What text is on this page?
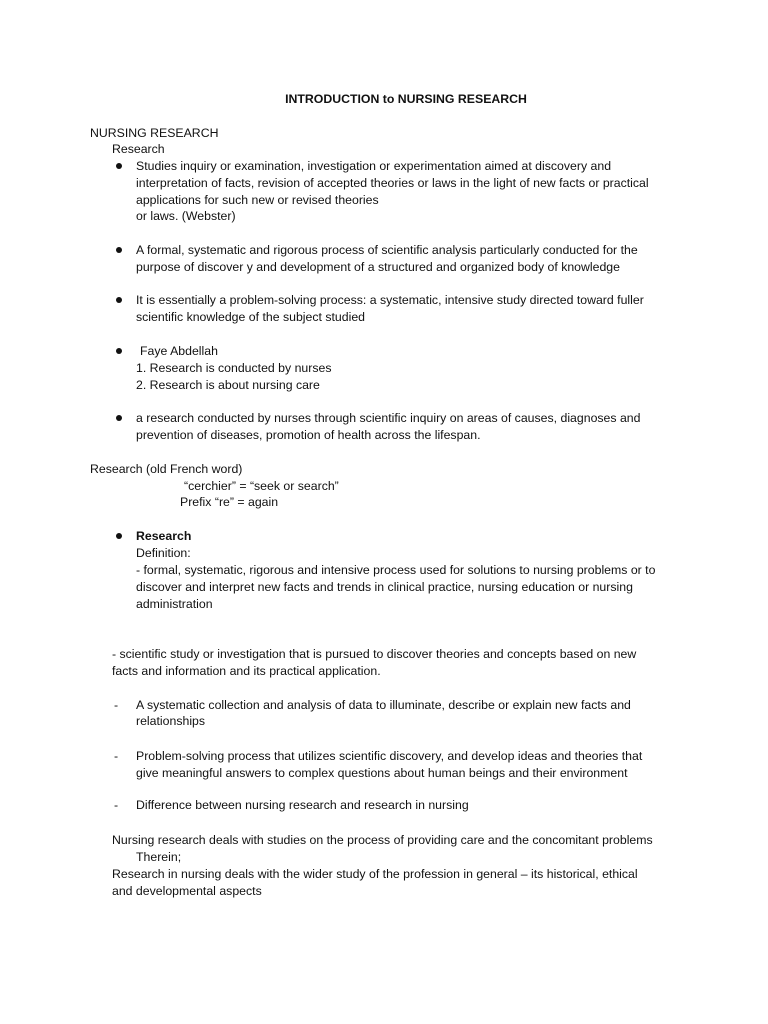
INTRODUCTION to NURSING RESEARCH
NURSING RESEARCH
Research
Studies inquiry or examination, investigation or experimentation aimed at discovery and
interpretation of facts, revision of accepted theories or laws in the light of new facts or practical
applications for such new or revised theories
or laws. (Webster)
A formal, systematic and rigorous process of scientific analysis particularly conducted for the
purpose of discover y and development of a structured and organized body of knowledge
It is essentially a problem-solving process: a systematic, intensive study directed toward fuller
scientific knowledge of the subject studied
Faye Abdellah
1. Research is conducted by nurses
2. Research is about nursing care
a research conducted by nurses through scientific inquiry on areas of causes, diagnoses and
prevention of diseases, promotion of health across the lifespan.
Research (old French word)
“cerchier” = “seek or search”
Prefix “re” = again
Research
Definition:
- formal, systematic, rigorous and intensive process used for solutions to nursing problems or to
discover and interpret new facts and trends in clinical practice, nursing education or nursing
administration
- scientific study or investigation that is pursued to discover theories and concepts based on new
facts and information and its practical application.
- A systematic collection and analysis of data to illuminate, describe or explain new facts and
relationships
- Problem-solving process that utilizes scientific discovery, and develop ideas and theories that
give meaningful answers to complex questions about human beings and their environment
- Difference between nursing research and research in nursing
Nursing research deals with studies on the process of providing care and the concomitant problems
Therein;
Research in nursing deals with the wider study of the profession in general – its historical, ethical
and developmental aspects
